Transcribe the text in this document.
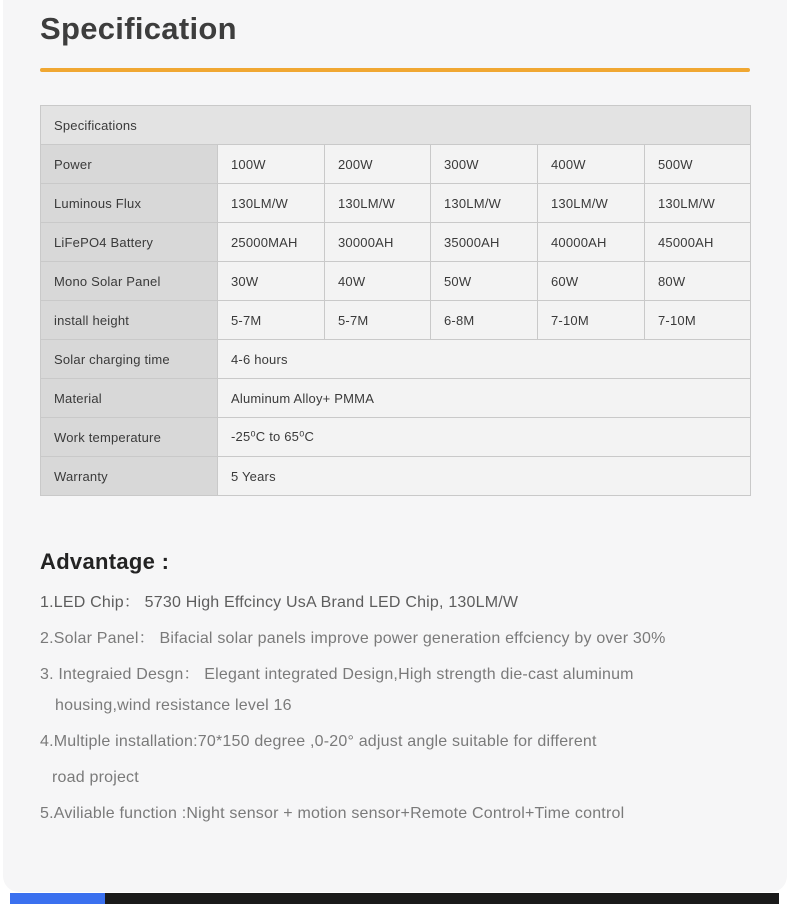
Specification
Specifications					
Power	100W	200W	300W	400W	500W
Luminous Flux	130LM/W	130LM/W	130LM/W	130LM/W	130LM/W
LiFePO4 Battery	25000MAH	30000AH	35000AH	40000AH	45000AH
Mono Solar Panel	30W	40W	50W	60W	80W
install height	5-7M	5-7M	6-8M	7-10M	7-10M
Solar charging time	4-6 hours				
Material	Aluminum Alloy+ PMMA				
Work temperature	-25⁰C to 65⁰C				
Warranty	5 Years				
Advantage :
1.LED Chip： 5730 High Effcincy UsA Brand LED Chip, 130LM/W
2.Solar Panel： Bifacial solar panels improve power generation effciency by over 30%
3. Integraied Desgn： Elegant integrated Design,High strength die-cast aluminum
housing,wind resistance level 16
4.Multiple installation:70*150 degree ,0-20° adjust angle suitable for different
road project
5.Aviliable function :Night sensor + motion sensor+Remote Control+Time control
